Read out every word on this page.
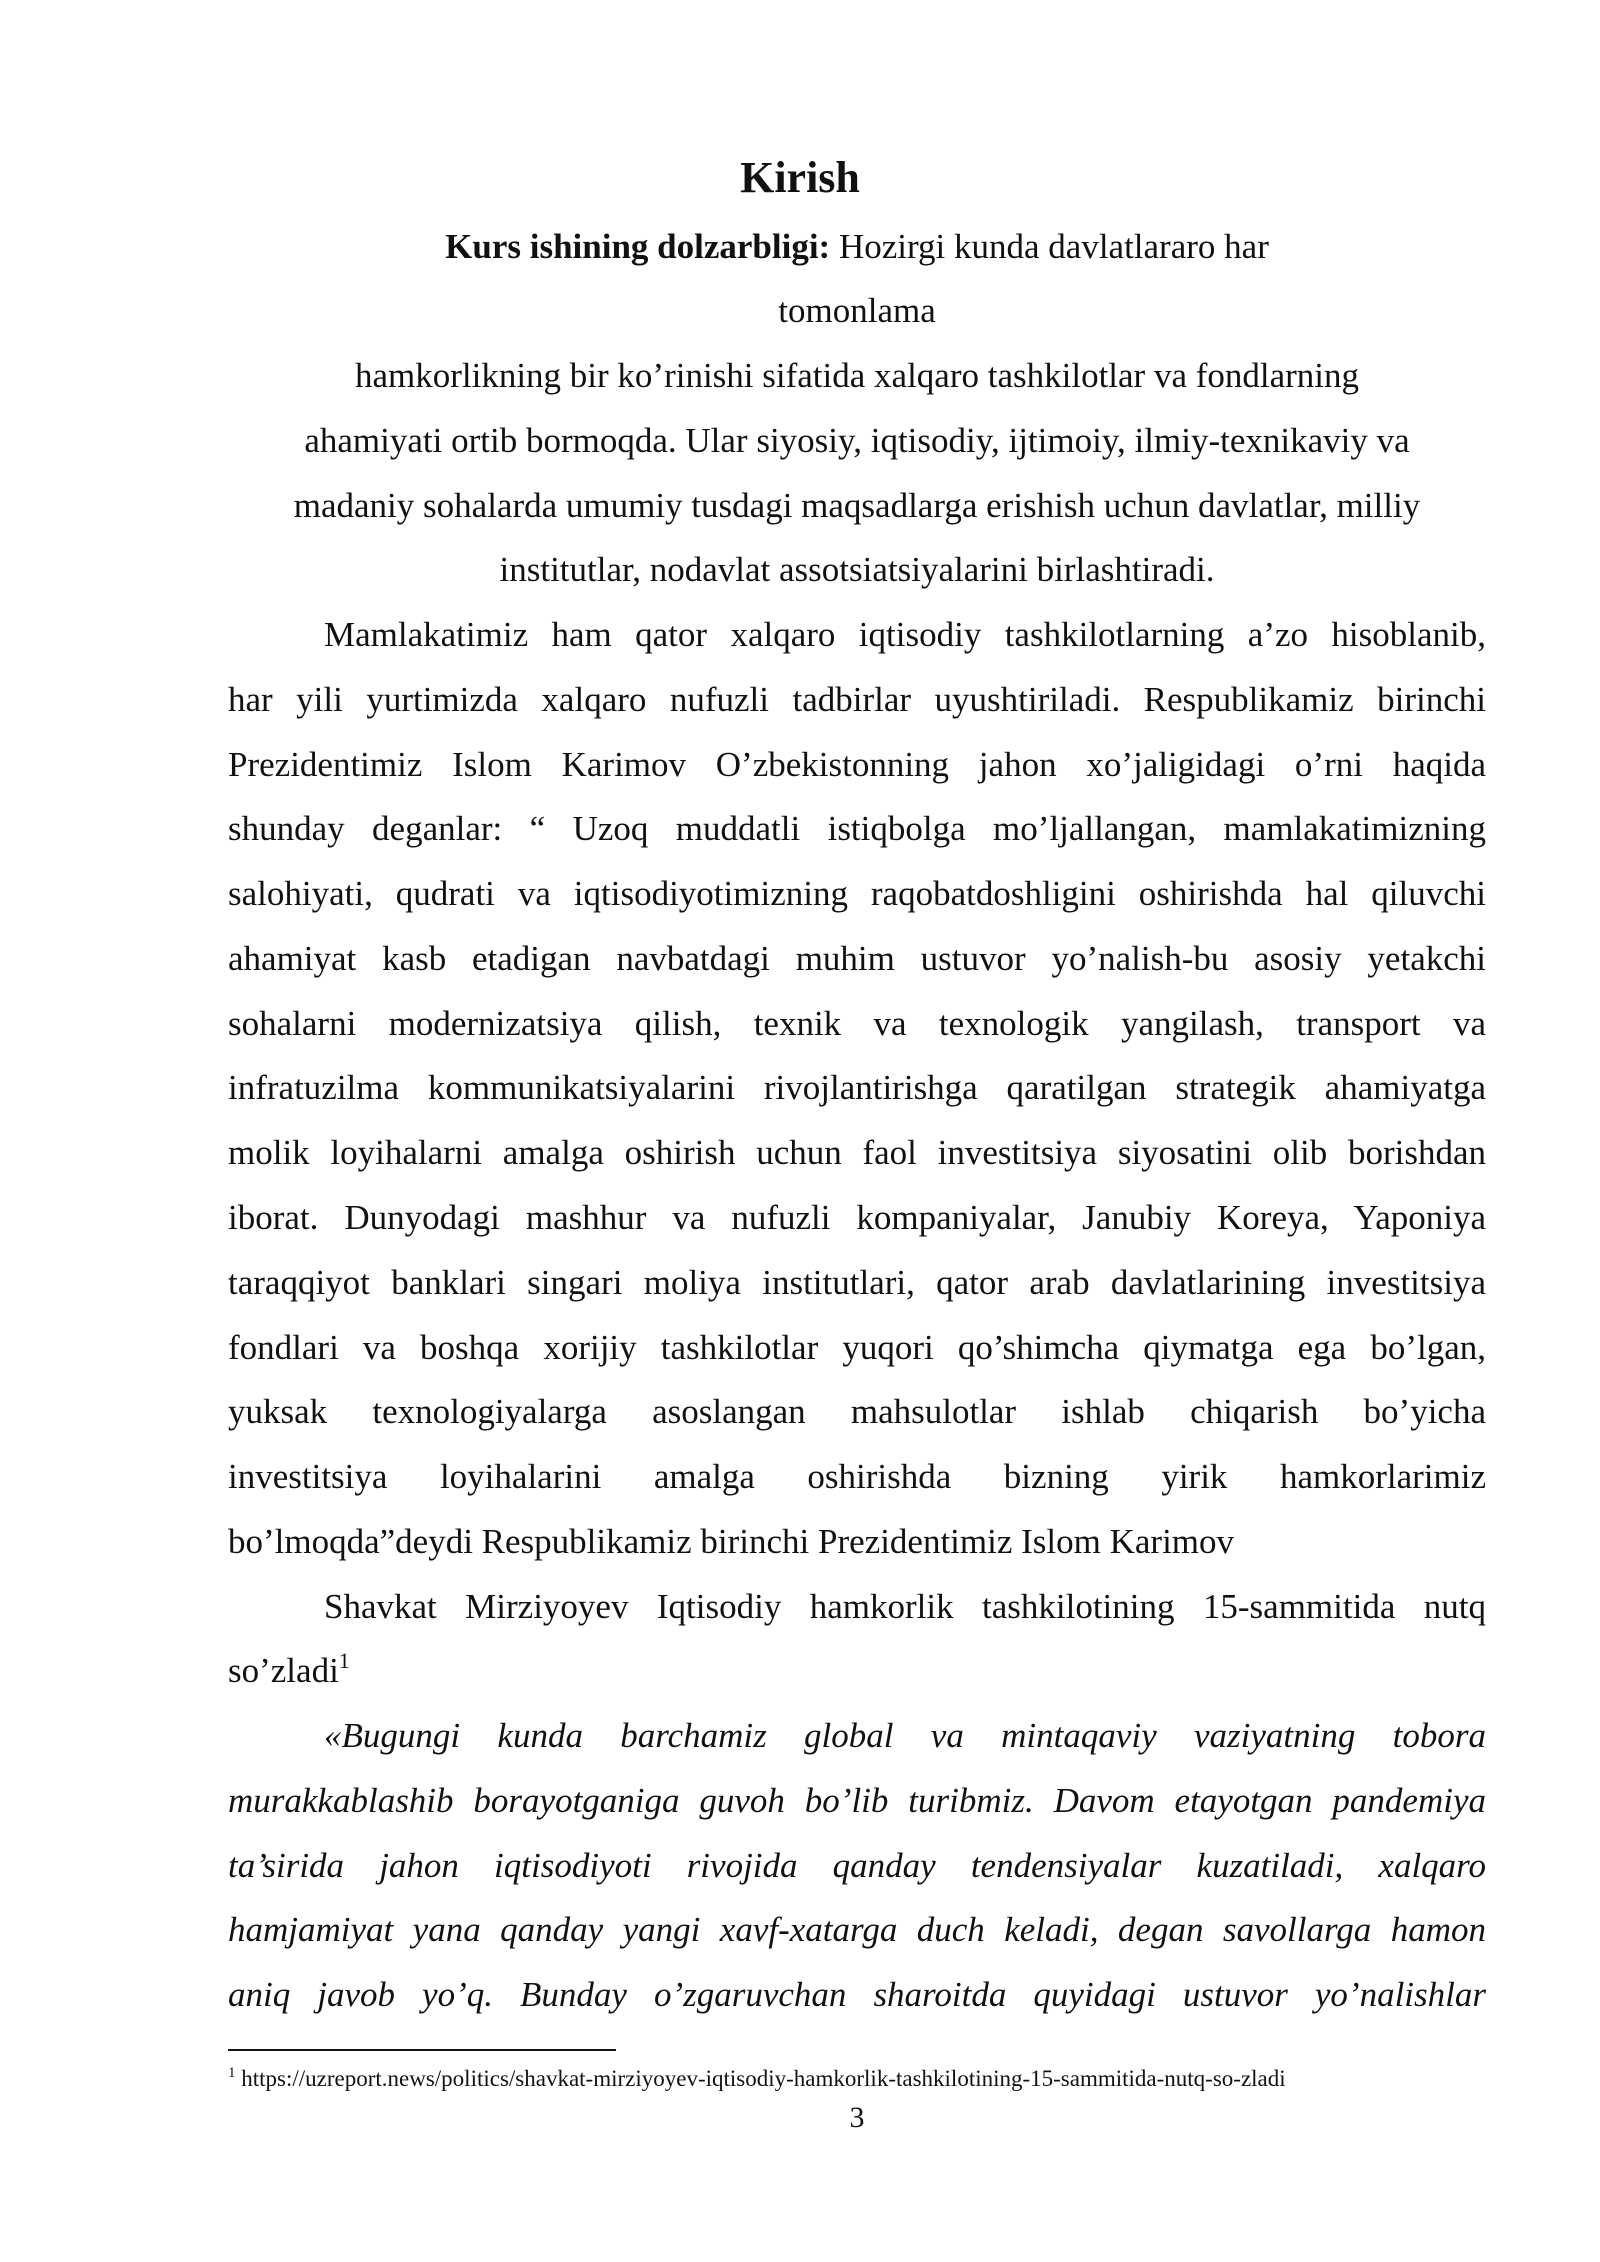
Kirish
Kurs ishining dolzarbligi: Hozirgi kunda davlatlararo har
tomonlama
hamkorlikning bir ko’rinishi sifatida xalqaro tashkilotlar va fondlarning
ahamiyati ortib bormoqda. Ular siyosiy, iqtisodiy, ijtimoiy, ilmiy-texnikaviy va
madaniy sohalarda umumiy tusdagi maqsadlarga erishish uchun davlatlar, milliy
institutlar, nodavlat assotsiatsiyalarini birlashtiradi.
Mamlakatimiz ham qator xalqaro iqtisodiy tashkilotlarning a’zo hisoblanib,
har yili yurtimizda xalqaro nufuzli tadbirlar uyushtiriladi. Respublikamiz birinchi
Prezidentimiz Islom Karimov O’zbekistonning jahon xo’jaligidagi o’rni haqida
shunday deganlar: “ Uzoq muddatli istiqbolga mo’ljallangan, mamlakatimizning
salohiyati, qudrati va iqtisodiyotimizning raqobatdoshligini oshirishda hal qiluvchi
ahamiyat kasb etadigan navbatdagi muhim ustuvor yo’nalish-bu asosiy yetakchi
sohalarni modernizatsiya qilish, texnik va texnologik yangilash, transport va
infratuzilma kommunikatsiyalarini rivojlantirishga qaratilgan strategik ahamiyatga
molik loyihalarni amalga oshirish uchun faol investitsiya siyosatini olib borishdan
iborat. Dunyodagi mashhur va nufuzli kompaniyalar, Janubiy Koreya, Yaponiya
taraqqiyot banklari singari moliya institutlari, qator arab davlatlarining investitsiya
fondlari va boshqa xorijiy tashkilotlar yuqori qo’shimcha qiymatga ega bo’lgan,
yuksak texnologiyalarga asoslangan mahsulotlar ishlab chiqarish bo’yicha
investitsiya loyihalarini amalga oshirishda bizning yirik hamkorlarimiz
bo’lmoqda”deydi Respublikamiz birinchi Prezidentimiz Islom Karimov
Shavkat Mirziyoyev Iqtisodiy hamkorlik tashkilotining 15-sammitida nutq
so’zladi$^1$
«Bugungi kunda barchamiz global va mintaqaviy vaziyatning tobora
murakkablashib borayotganiga guvoh bo’lib turibmiz. Davom etayotgan pandemiya
ta’sirida jahon iqtisodiyoti rivojida qanday tendensiyalar kuzatiladi, xalqaro
hamjamiyat yana qanday yangi xavf-xatarga duch keladi, degan savollarga hamon
aniq javob yo’q. Bunday o’zgaruvchan sharoitda quyidagi ustuvor yo’nalishlar
$^1$ https://uzreport.news/politics/shavkat-mirziyoyev-iqtisodiy-hamkorlik-tashkilotining-15-sammitida-nutq-so-zladi
3
